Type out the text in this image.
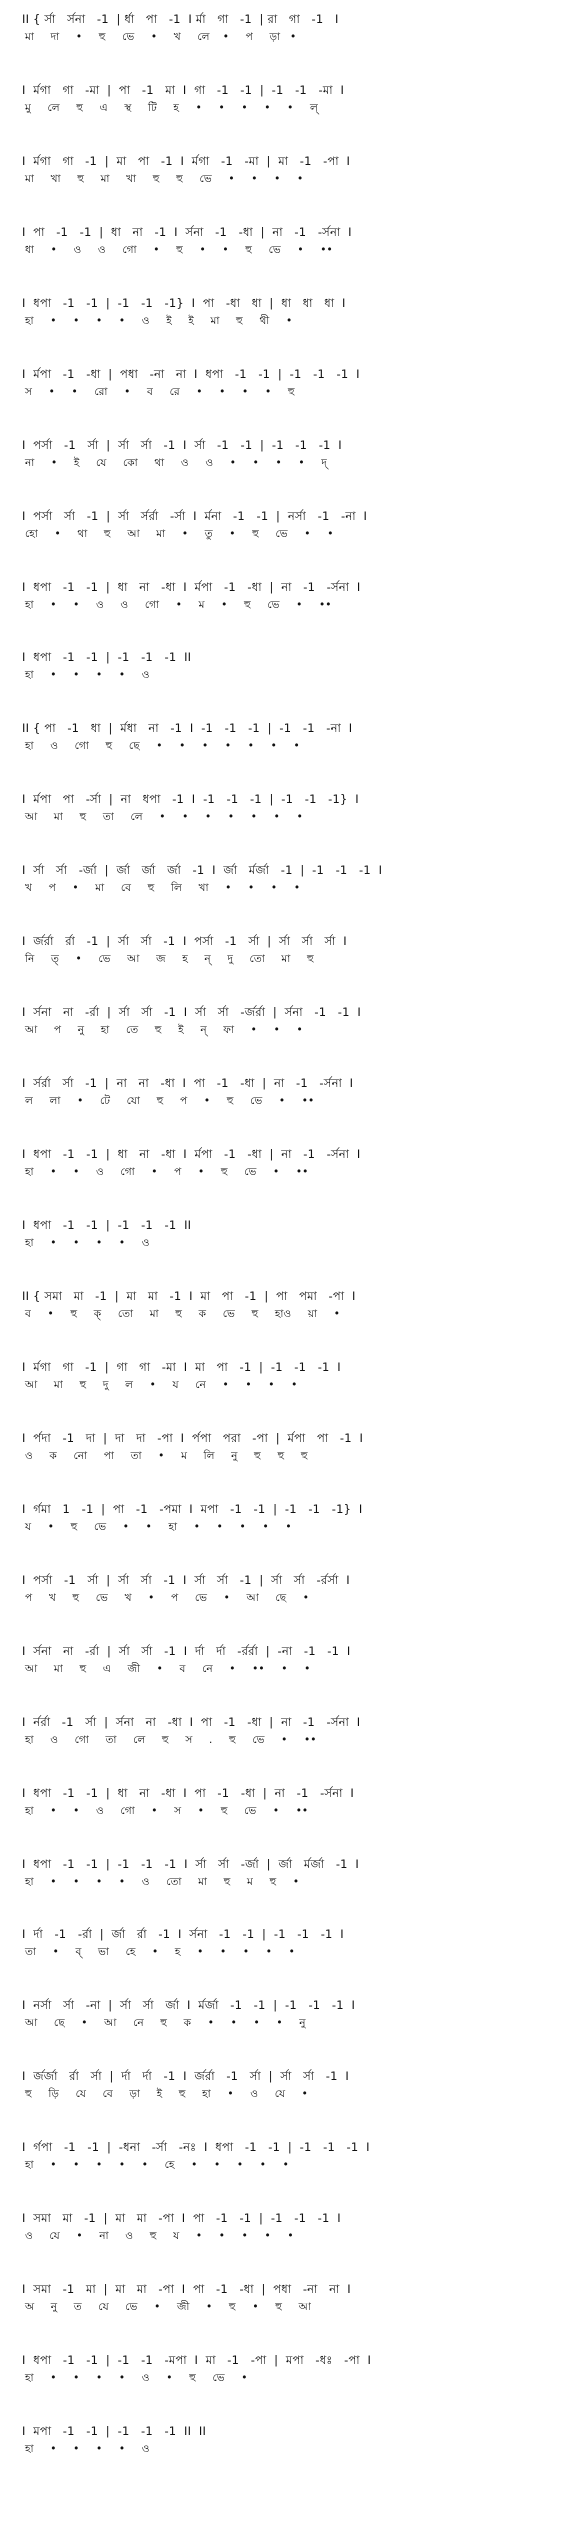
II { র্সা   র্সনা   -1  | র্ধা   পা   -1  I র্মা   গা   -1  | রা   গা   -1   I
মা     দা     •     হু     ভে     •     খ     লে    •     প     ড়া   •
I  র্মগা   গা   -মা  |  পা   -1   মা  I  গা   -1   -1  |  -1   -1   -মা  I
মু     লে     হু     এ     স্থ     টি     হ     •     •     •     •     •     ল্
I  র্মগা   গা   -1  |  মা   পা   -1  I  র্মগা   -1   -মা  |  মা   -1   -পা  I
মা     খা     হু     মা     খা     হু     হু     ভে     •     •     •     •
I  পা   -1   -1  |  ধা   না   -1  I  র্সনা   -1   -ধা  |  না   -1   -র্সনা  I
ধা     •     ও     ও     গো     •     হু     •     •     হু     ভে     •     ••
I  ধপা   -1   -1  |  -1   -1   -1}  I  পা   -ধা   ধা  |  ধা   ধা   ধা  I
হা     •     •     •     •     ও     ই     ই     মা     হু     থী     •
I  র্মপা   -1   -ধা  |  পধা   -না   না  I  ধপা   -1   -1  |  -1   -1   -1  I
স     •     •     রো     •     ব     রে     •     •     •     •     হু
I  পর্সা   -1   র্সা  |  র্সা   র্সা   -1  I  র্সা   -1   -1  |  -1   -1   -1  I
না     •     ই     যে     কো     থা     ও     ও     •     •     •     •     দ্
I  পর্সা   র্সা   -1  |  র্সা   র্সর্রা   -র্সা  I  র্মনা   -1   -1  |  নর্সা   -1   -না  I
হো     •     থা     হু     আ     মা     •     তু     •     হু     ভে     •     •
I  ধপা   -1   -1  |  ধা   না   -ধা  I  র্মপা   -1   -ধা  |  না   -1   -র্সনা  I
হা     •     •     ও     ও     গো     •     ম     •     হু     ভে     •     ••
I  ধপা   -1   -1  |  -1   -1   -1  II
হা     •     •     •     •     ও
II { পা   -1   ধা  |  র্মধা   না   -1  I  -1   -1   -1  |  -1   -1   -না  I
হা     ও     গো     হু     ছে     •     •     •     •     •     •     •
I  র্মপা   পা   -র্সা  |  না   ধপা   -1  I  -1   -1   -1  |  -1   -1   -1}  I
আ     মা     হু     তা     লে     •     •     •     •     •     •     •
I  র্সা   র্সা   -র্জা  |  র্জা   র্জা   র্জা   -1  I  র্জা   র্মর্জা   -1  |  -1   -1   -1  I
খ     প     •     মা     বে     হু     লি     খা     •     •     •     •
I  র্জর্রা   র্রা   -1  |  র্সা   র্সা   -1  I  পর্সা   -1   র্সা  |  র্সা   র্সা   র্সা  I
নি     ত্     •     ভে     আ     জ     হ     ন্     দু     তো     মা     হু
I  র্সনা   না   -র্রা  |  র্সা   র্সা   -1  I  র্সা   র্সা   -র্জর্রা  |  র্সনা   -1   -1  I
আ     প     নু     হা     তে     হু     ই     ন্     ফা     •     •     •
I  র্সর্রা   র্সা   -1  |  না   না   -ধা  I  পা   -1   -ধা  |  না   -1   -র্সনা  I
ল     লা     •     টে     যো     হু     প     •     হু     ভে     •     ••
I  ধপা   -1   -1  |  ধা   না   -ধা  I  র্মপা   -1   -ধা  |  না   -1   -র্সনা  I
হা     •     •     ও     গো     •     প     •     হু     ভে     •     ••
I  ধপা   -1   -1  |  -1   -1   -1  II
হা     •     •     •     •     ও
II { সমা   মা   -1  |  মা   মা   -1  I  মা   পা   -1  |  পা   পমা   -পা  I
ব     •     হু     ক্     তো     মা     হু     ক     ভে     হু     হাও     য়া     •
I  র্মগা   গা   -1  |  গা   গা   -মা  I  মা   পা   -1  |  -1   -1   -1  I
আ     মা     হু     দু     ল     •     য     নে     •     •     •     •
I  র্পদা   -1   দা  |  দা   দা   -পা  I  র্পপা   পরা   -পা  |  র্মপা   পা   -1  I
ও     ক     নো     পা     তা     •     ম     লি     নু     হু     হু     হু
I  র্গমা   1   -1  |  পা   -1   -পমা  I  মপা   -1   -1  |  -1   -1   -1}  I
য     •     হু     ভে     •     •     হা     •     •     •     •     •
I  পর্সা   -1   র্সা  |  র্সা   র্সা   -1  I  র্সা   র্সা   -1  |  র্সা   র্সা   -র্রর্সা  I
প     খ     হু     ভে     খ     •     প     ভে     •     আ     ছে     •
I  র্সনা   না   -র্রা  |  র্সা   র্সা   -1  I  র্দা   র্দা   -র্রর্রা  |  -না   -1   -1  I
আ     মা     হু     এ     জী     •     ব     নে     •     ••     •     •
I  র্নর্রা   -1   র্সা  |  র্সনা   না   -ধা  I  পা   -1   -ধা  |  না   -1   -র্সনা  I
হা     ও     গো     তা     লে     হু     স     .     হু     ভে     •     ••
I  ধপা   -1   -1  |  ধা   না   -ধা  I  পা   -1   -ধা  |  না   -1   -র্সনা  I
হা     •     •     ও     গো     •     স     •     হু     ভে     •     ••
I  ধপা   -1   -1  |  -1   -1   -1  I  র্সা   র্সা   -র্জা  |  র্জা   র্মর্জা   -1  I
হা     •     •     •     •     ও     তো     মা     হু     ম     হু     •
I  র্দা   -1   -র্রা  |  র্জা   র্রা   -1  I  র্সনা   -1   -1  |  -1   -1   -1  I
তা     •     ব্     ভা     হে     •     হ     •     •     •     •     •
I  নর্সা   র্সা   -না  |  র্সা   র্সা   র্জা  I  র্মর্জা   -1   -1  |  -1   -1   -1  I
আ     ছে     •     আ     নে     হু     ক     •     •     •     •     নু
I  র্জর্জা   র্রা   র্সা  |  র্দা   র্দা   -1  I  র্জর্রা   -1   র্সা  |  র্সা   র্সা   -1  I
হু     ড়ি     যে     বে     ড়া     ই     হু     হা     •     ও     যে     •
I  র্গপা   -1   -1  |  -ধনা   -র্সা   -নঃ  I  ধপা   -1   -1  |  -1   -1   -1  I
হা     •     •     •     •     •     হে     •     •     •     •     •
I  সমা   মা   -1  |  মা   মা   -পা  I  পা   -1   -1  |  -1   -1   -1  I
ও     যে     •     না     ও     হু     য     •     •     •     •     •
I  সমা   -1   মা  |  মা   মা   -পা  I  পা   -1   -ধা  |  পধা   -না   না  I
অ     নু     ত     যে     ভে     •     জী     •     হু     •     হু     আ
I  ধপা   -1   -1  |  -1   -1   -মপা  I  মা   -1   -পা  |  মপা   -ধঃ   -পা  I
হা     •     •     •     •     ও     •     হু     ভে     •
I  মপা   -1   -1  |  -1   -1   -1  II  II
হা     •     •     •     •     ও
